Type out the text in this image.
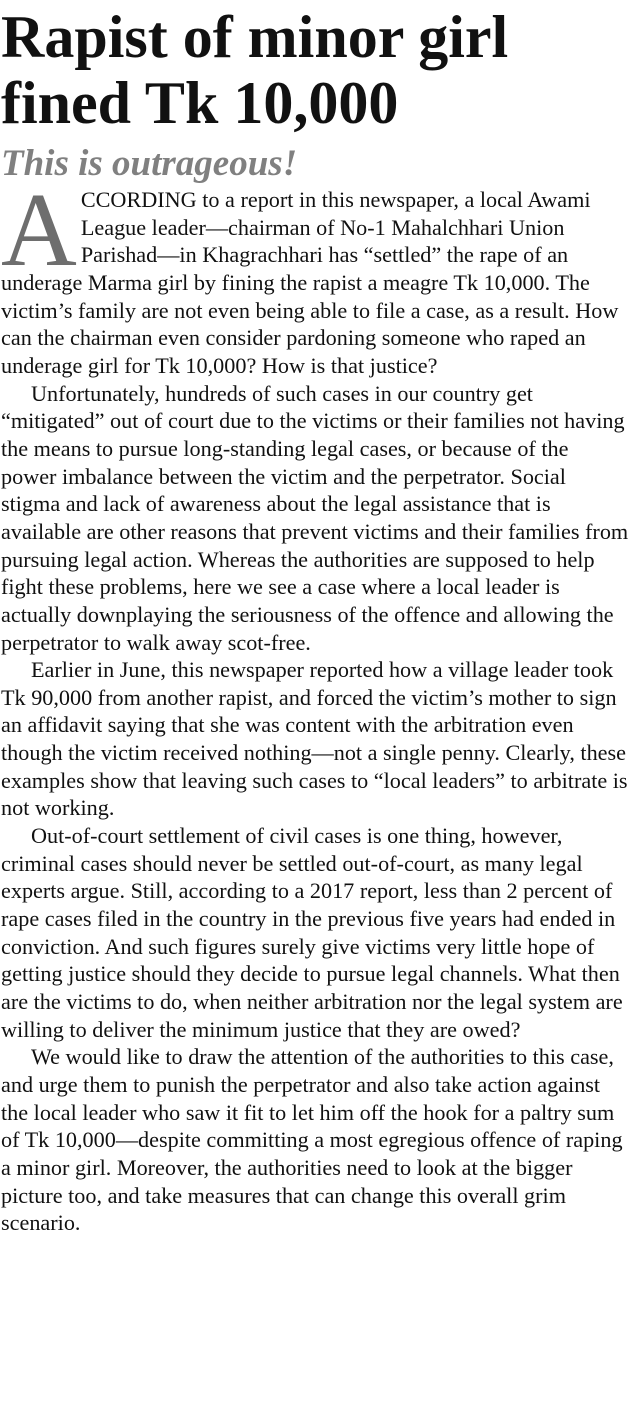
Rapist of minor girl
fined Tk 10,000
This is outrageous!

ACCORDING to a report in this newspaper, a local Awami League leader—chairman of No-1 Mahalchhari Union Parishad—in Khagrachhari has “settled” the rape of an underage Marma girl by fining the rapist a meagre Tk 10,000. The victim’s family are not even being able to file a case, as a result. How can the chairman even consider pardoning someone who raped an underage girl for Tk 10,000? How is that justice?

Unfortunately, hundreds of such cases in our country get “mitigated” out of court due to the victims or their families not having the means to pursue long-standing legal cases, or because of the power imbalance between the victim and the perpetrator. Social stigma and lack of awareness about the legal assistance that is available are other reasons that prevent victims and their families from pursuing legal action. Whereas the authorities are supposed to help fight these problems, here we see a case where a local leader is actually downplaying the seriousness of the offence and allowing the perpetrator to walk away scot-free.

Earlier in June, this newspaper reported how a village leader took Tk 90,000 from another rapist, and forced the victim’s mother to sign an affidavit saying that she was content with the arbitration even though the victim received nothing—not a single penny. Clearly, these examples show that leaving such cases to “local leaders” to arbitrate is not working.

Out-of-court settlement of civil cases is one thing, however, criminal cases should never be settled out-of-court, as many legal experts argue. Still, according to a 2017 report, less than 2 percent of rape cases filed in the country in the previous five years had ended in conviction. And such figures surely give victims very little hope of getting justice should they decide to pursue legal channels. What then are the victims to do, when neither arbitration nor the legal system are willing to deliver the minimum justice that they are owed?

We would like to draw the attention of the authorities to this case, and urge them to punish the perpetrator and also take action against the local leader who saw it fit to let him off the hook for a paltry sum of Tk 10,000—despite committing a most egregious offence of raping a minor girl. Moreover, the authorities need to look at the bigger picture too, and take measures that can change this overall grim scenario.
